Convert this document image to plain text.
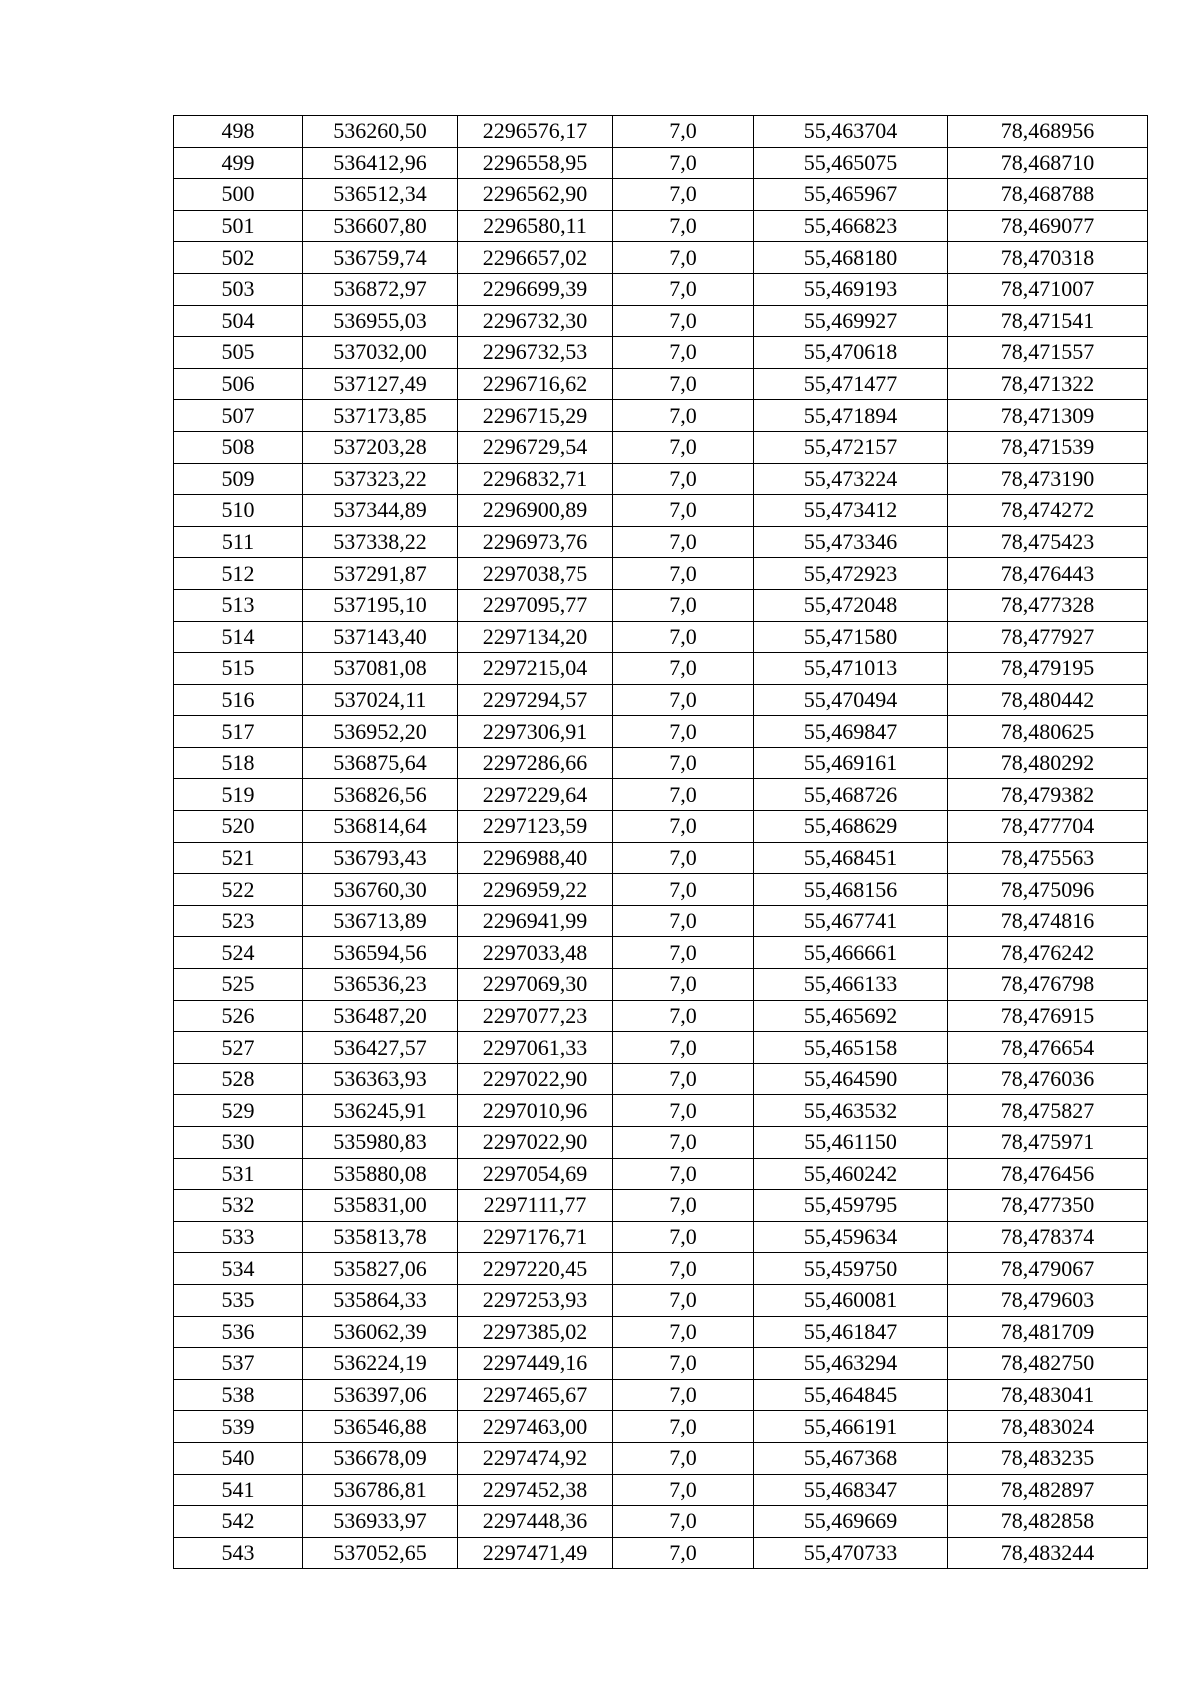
498	536260,50	2296576,17	7,0	55,463704	78,468956
499	536412,96	2296558,95	7,0	55,465075	78,468710
500	536512,34	2296562,90	7,0	55,465967	78,468788
501	536607,80	2296580,11	7,0	55,466823	78,469077
502	536759,74	2296657,02	7,0	55,468180	78,470318
503	536872,97	2296699,39	7,0	55,469193	78,471007
504	536955,03	2296732,30	7,0	55,469927	78,471541
505	537032,00	2296732,53	7,0	55,470618	78,471557
506	537127,49	2296716,62	7,0	55,471477	78,471322
507	537173,85	2296715,29	7,0	55,471894	78,471309
508	537203,28	2296729,54	7,0	55,472157	78,471539
509	537323,22	2296832,71	7,0	55,473224	78,473190
510	537344,89	2296900,89	7,0	55,473412	78,474272
511	537338,22	2296973,76	7,0	55,473346	78,475423
512	537291,87	2297038,75	7,0	55,472923	78,476443
513	537195,10	2297095,77	7,0	55,472048	78,477328
514	537143,40	2297134,20	7,0	55,471580	78,477927
515	537081,08	2297215,04	7,0	55,471013	78,479195
516	537024,11	2297294,57	7,0	55,470494	78,480442
517	536952,20	2297306,91	7,0	55,469847	78,480625
518	536875,64	2297286,66	7,0	55,469161	78,480292
519	536826,56	2297229,64	7,0	55,468726	78,479382
520	536814,64	2297123,59	7,0	55,468629	78,477704
521	536793,43	2296988,40	7,0	55,468451	78,475563
522	536760,30	2296959,22	7,0	55,468156	78,475096
523	536713,89	2296941,99	7,0	55,467741	78,474816
524	536594,56	2297033,48	7,0	55,466661	78,476242
525	536536,23	2297069,30	7,0	55,466133	78,476798
526	536487,20	2297077,23	7,0	55,465692	78,476915
527	536427,57	2297061,33	7,0	55,465158	78,476654
528	536363,93	2297022,90	7,0	55,464590	78,476036
529	536245,91	2297010,96	7,0	55,463532	78,475827
530	535980,83	2297022,90	7,0	55,461150	78,475971
531	535880,08	2297054,69	7,0	55,460242	78,476456
532	535831,00	2297111,77	7,0	55,459795	78,477350
533	535813,78	2297176,71	7,0	55,459634	78,478374
534	535827,06	2297220,45	7,0	55,459750	78,479067
535	535864,33	2297253,93	7,0	55,460081	78,479603
536	536062,39	2297385,02	7,0	55,461847	78,481709
537	536224,19	2297449,16	7,0	55,463294	78,482750
538	536397,06	2297465,67	7,0	55,464845	78,483041
539	536546,88	2297463,00	7,0	55,466191	78,483024
540	536678,09	2297474,92	7,0	55,467368	78,483235
541	536786,81	2297452,38	7,0	55,468347	78,482897
542	536933,97	2297448,36	7,0	55,469669	78,482858
543	537052,65	2297471,49	7,0	55,470733	78,483244
